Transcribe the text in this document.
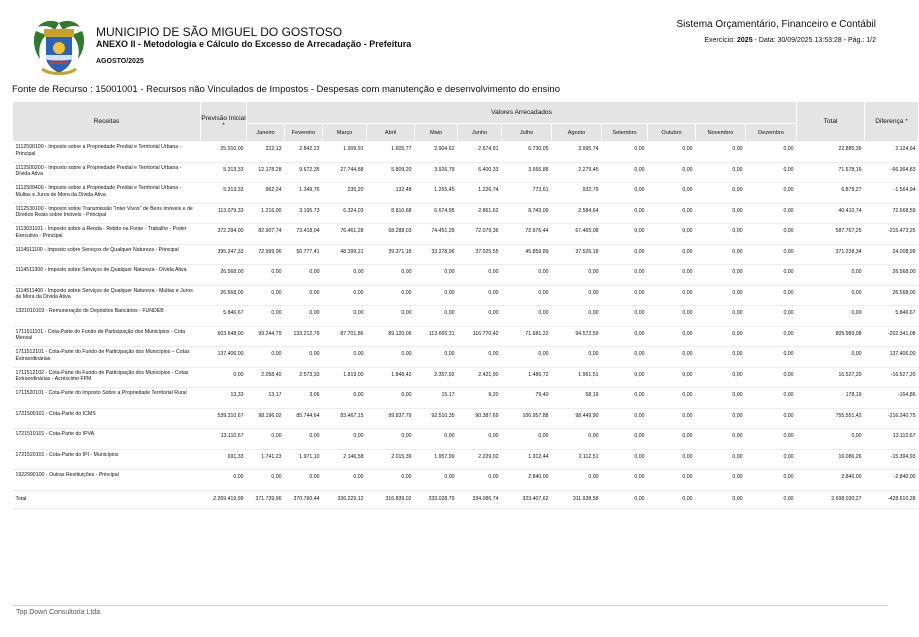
MUNICIPIO DE SÃO MIGUEL DO GOSTOSO
ANEXO II - Metodologia e Cálculo do Excesso de Arrecadação - Prefeitura
AGOSTO/2025
Sistema Orçamentário, Financeiro e Contábil
Exercício: 2025 - Data: 30/09/2025 13:53:28 - Pág.: 1/2
Fonte de Recurso : 15001001 - Recursos não Vinculados de Impostos - Despesas com manutenção e desenvolvimento do ensino
Receitas	Previsão Inicial *	Valores Arrecadados												Total	Diferença *
		Janeiro	Fevereiro	Março	Abril	Maio	Junho	Julho	Agosto	Setembro	Outubro	Novembro	Dezembro		
1112500100 - Imposto sobre a Propriedade Predial e Territorial Urbana - Principal	25.010,00	222,13	2.842,23	1.909,91	1.605,77	2.904,62	2.674,91	6.730,05	3.995,74	0,00	0,00	0,00	0,00	22.885,36	2.124,64
1112500200 - Imposto sobre a Propriedade Predial e Territorial Urbana - Dívida Ativa	5.313,33	12.178,28	9.672,35	27.744,88	5.809,20	3.926,79	6.400,33	3.666,88	2.279,45	0,00	0,00	0,00	0,00	71.678,16	-66.364,83
1112500400 - Imposto sobre a Propriedade Predial e Territorial Urbana - Multas e Juros de Mora da Dívida Ativa	5.313,33	962,24	1.349,76	235,20	132,48	1.265,45	1.226,74	773,61	932,79	0,00	0,00	0,00	0,00	6.878,27	-1.564,94
1112530100 - Imposto sobre Transmissão "Inter Vivos" de Bens Imóveis e de Direitos Reais sobre Imóveis - Principal	113.079,33	1.216,00	3.195,73	6.324,03	8.810,68	6.674,95	2.861,62	8.743,09	2.584,64	0,00	0,00	0,00	0,00	40.410,74	72.668,59
1113031101 - Imposto sobre a Renda - Retido na Fonte - Trabalho - Poder Executivo - Principal	372.294,00	82.907,74	73.418,04	76.461,28	68.288,03	74.451,28	72.079,36	72.676,44	67.465,08	0,00	0,00	0,00	0,00	587.767,25	-215.473,25
1114511100 - Imposto sobre Serviços de Qualquer Natureza - Principal	395.247,33	72.999,96	56.777,41	48.399,21	39.371,18	33.278,96	37.025,55	45.859,89	37.526,18	0,00	0,00	0,00	0,00	371.238,34	24.008,99
1114511300 - Imposto sobre Serviços de Qualquer Natureza - Dívida Ativa	26.568,00	0,00	0,00	0,00	0,00	0,00	0,00	0,00	0,00	0,00	0,00	0,00	0,00	0,00	26.568,00
1114511400 - Imposto sobre Serviços de Qualquer Natureza - Multas e Juros de Mora da Dívida Ativa	26.568,00	0,00	0,00	0,00	0,00	0,00	0,00	0,00	0,00	0,00	0,00	0,00	0,00	0,00	26.568,00
1321010103 - Remuneração de Depósitos Bancários - FUNDEB	5.846,67	0,00	0,00	0,00	0,00	0,00	0,00	0,00	0,00	0,00	0,00	0,00	0,00	0,00	5.846,67
1711511101 - Cota-Parte do Fundo de Participação dos Municípios - Cota Mensal	603.648,00	99.244,79	133.212,79	87.701,86	89.120,06	113.665,31	116.770,42	71.681,22	94.572,59	0,00	0,00	0,00	0,00	805.989,08	-202.341,08
1711512101 - Cota-Parte do Fundo de Participação dos Municípios – Cotas Extraordinárias	137.406,00	0,00	0,00	0,00	0,00	0,00	0,00	0,00	0,00	0,00	0,00	0,00	0,00	0,00	137.406,00
1711512102 - Cota-Parte do Fundo de Participação dos Municípios - Cotas Extraordinárias - Acréscimo FPM	0,00	2.058,40	2.573,33	1.819,00	1.848,42	2.357,92	2.421,90	1.486,72	1.961,51	0,00	0,00	0,00	0,00	16.527,20	-16.527,20
1711520101 - Cota-Parte do Imposto Sobre a Propriedade Territorial Rural	13,33	13,17	3,06	0,00	0,00	15,17	9,20	79,40	58,19	0,00	0,00	0,00	0,00	178,19	-164,86
1721500101 - Cota-Parte do ICMS	539.310,67	98.196,02	85.744,64	83.467,15	99.837,79	92.510,35	90.387,69	106.957,88	98.449,90	0,00	0,00	0,00	0,00	755.551,42	-216.240,75
1721510101 - Cota-Parte do IPVA	13.110,67	0,00	0,00	0,00	0,00	0,00	0,00	0,00	0,00	0,00	0,00	0,00	0,00	0,00	13.110,67
1721520101 - Cota-Parte do IPI - Municípios	691,33	1.741,23	1.971,10	2.146,58	2.015,39	1.957,99	2.229,02	1.912,44	2.112,51	0,00	0,00	0,00	0,00	16.086,26	-15.394,93
1922990100 - Outras Restituições - Principal	0,00	0,00	0,00	0,00	0,00	0,00	0,00	2.840,00	0,00	0,00	0,00	0,00	0,00	2.840,00	-2.840,00
Total	2.269.419,99	371.739,96	370.760,44	336.229,12	316.839,02	333.028,79	334.086,74	323.407,62	311.938,58	0,00	0,00	0,00	0,00	2.698.030,27	-428.610,28
Top Down Consultoria Ltda.
